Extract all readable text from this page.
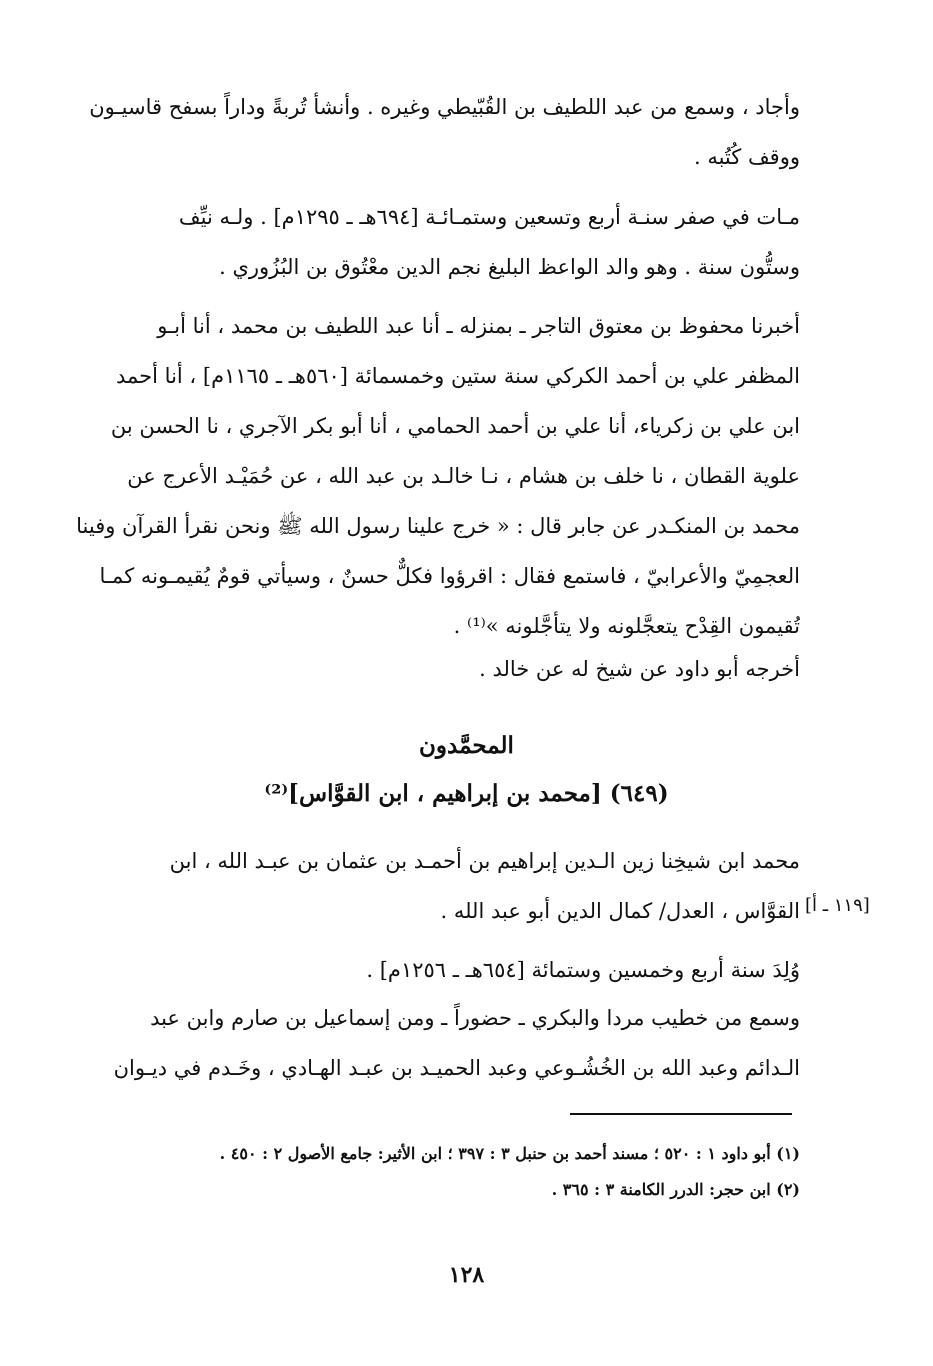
وأجاد ، وسمع من عبد اللطيف بن القُبّيطي وغيره . وأنشأ تُربةً وداراً بسفح قاسيـون

ووقف كُتُبه .

مـات في صفر سنـة أربع وتسعين وستمـائـة [٦٩٤هـ ـ ١٢٩٥م] . ولـه نيِّف

وستُّون سنة . وهو والد الواعظ البليغ نجم الدين معْتُوق بن البُزُوري .

أخبرنا محفوظ بن معتوق التاجر ـ بمنزله ـ أنا عبد اللطيف بن محمد ، أنا أبـو

المظفر علي بن أحمد الكركي سنة ستين وخمسمائة [٥٦٠هـ ـ ١١٦٥م] ، أنا أحمد

ابن علي بن زكرياء، أنا علي بن أحمد الحمامي ، أنا أبو بكر الآجري ، نا الحسن بن

علوية القطان ، نا خلف بن هشام ، نـا خالـد بن عبد الله ، عن حُمَيْـد الأعرج عن

محمد بن المنكـدر عن جابر قال : « خرج علينا رسول الله ﷺ ونحن نقرأ القرآن وفينا

العجمِيّ والأعرابيّ ، فاستمع فقال : اقرؤوا فكلٌّ حسنٌ ، وسيأتي قومٌ يُقيمـونه كمـا

تُقيمون القِدْح يتعجَّلونه ولا يتأجَّلونه »⁽¹⁾ .

أخرجه أبو داود عن شيخ له عن خالد .

المحمَّدون
(٦٤٩) [محمد بن إبراهيم ، ابن القوَّاس]⁽²⁾

محمد ابن شيخِنا زين الـدين إبراهيم بن أحمـد بن عثمان بن عبـد الله ، ابن

القوَّاس ، العدل/ كمال الدين أبو عبد الله . [١١٩ ـ أ]

وُلِدَ سنة أربع وخمسين وستمائة [٦٥٤هـ ـ ١٢٥٦م] .

وسمع من خطيب مردا والبكري ـ حضوراً ـ ومن إسماعيل بن صارم وابن عبد

الـدائم وعبد الله بن الخُشُـوعي وعبد الحميـد بن عبـد الهـادي ، وخَـدم في ديـوان

(١) أبو داود ١ : ٥٢٠ ؛ مسند أحمد بن حنبل ٣ : ٣٩٧ ؛ ابن الأثير: جامع الأصول ٢ : ٤٥٠ .
(٢) ابن حجر: الدرر الكامنة ٣ : ٣٦٥ .
١٢٨
